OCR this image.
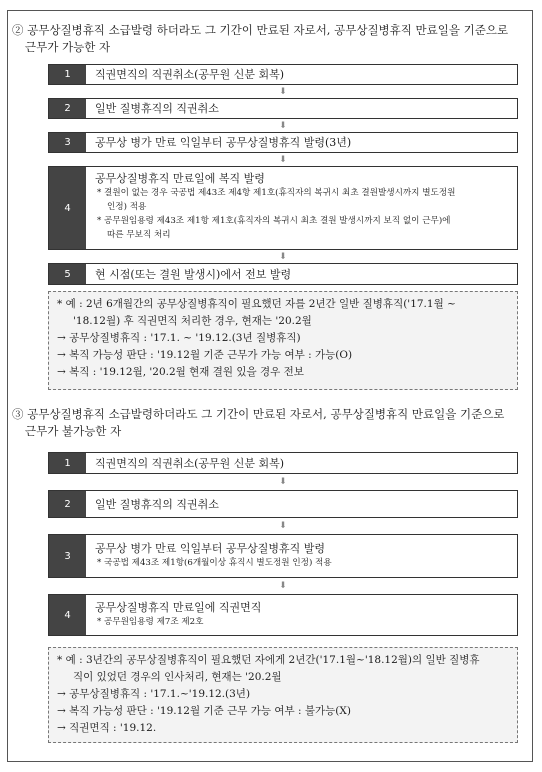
② 공무상질병휴직 소급발령 하더라도 그 기간이 만료된 자로서, 공무상질병휴직 만료일을 기준으로
근무가 가능한 자
1	직권면직의 직권취소(공무원 신분 회복)
⬇
2	일반 질병휴직의 직권취소
⬇
3	공무상 병가 만료 익일부터 공무상질병휴직 발령(3년)
⬇
4
공무상질병휴직 만료일에 복직 발령
* 결원이 없는 경우 국공법 제43조 제4항 제1호(휴직자의 복귀시 최초 결원발생시까지 별도정원
인정) 적용
* 공무원임용령 제43조 제1항 제1호(휴직자의 복귀시 최초 결원 발생시까지 보직 없이 근무)에
따른 무보직 처리
⬇
5	현 시점(또는 결원 발생시)에서 전보 발령
* 예 : 2년 6개월간의 공무상질병휴직이 필요했던 자를 2년간 일반 질병휴직('17.1월 ~
'18.12월) 후 직권면직 처리한 경우, 현재는 '20.2월
→ 공무상질병휴직 : '17.1. ~ '19.12.(3년 질병휴직)
→ 복직 가능성 판단 : '19.12월 기준 근무가 가능 여부 : 가능(O)
→ 복직 : '19.12월, '20.2월 현재 결원 있을 경우 전보
③ 공무상질병휴직 소급발령하더라도 그 기간이 만료된 자로서, 공무상질병휴직 만료일을 기준으로
근무가 불가능한 자
1	직권면직의 직권취소(공무원 신분 회복)
⬇
2	일반 질병휴직의 직권취소
⬇
3
공무상 병가 만료 익일부터 공무상질병휴직 발령
* 국공법 제43조 제1항(6개월이상 휴직시 별도정원 인정) 적용
⬇
4
공무상질병휴직 만료일에 직권면직
* 공무원임용령 제7조 제2호
* 예 : 3년간의 공무상질병휴직이 필요했던 자에게 2년간('17.1월~'18.12월)의 일반 질병휴
직이 있었던 경우의 인사처리, 현재는 '20.2월
→ 공무상질병휴직 : '17.1.~'19.12.(3년)
→ 복직 가능성 판단 : '19.12월 기준 근무 가능 여부 : 불가능(X)
→ 직권면직 : '19.12.
